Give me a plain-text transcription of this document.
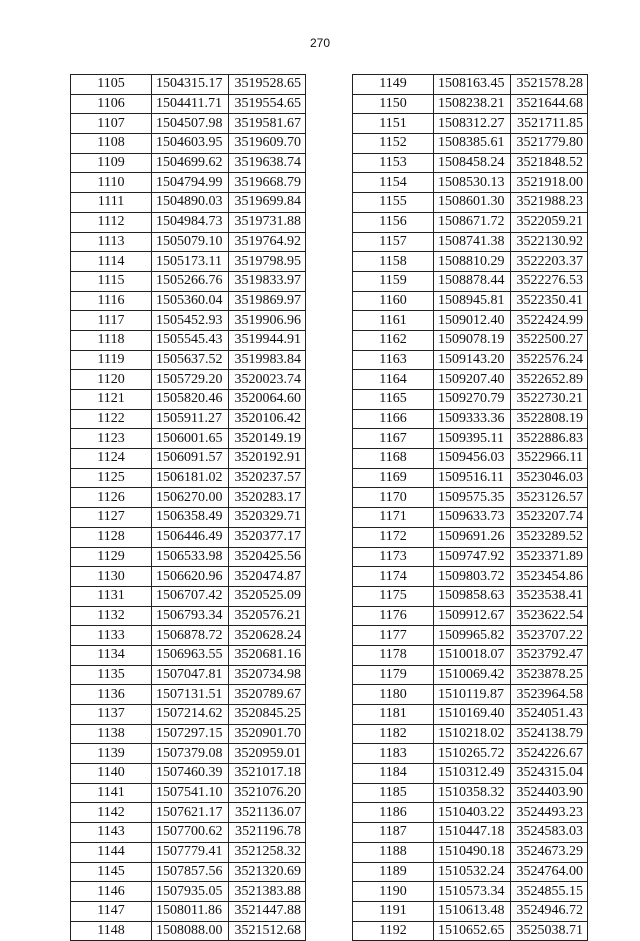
270
1105	1504315.17	3519528.65
1106	1504411.71	3519554.65
1107	1504507.98	3519581.67
1108	1504603.95	3519609.70
1109	1504699.62	3519638.74
1110	1504794.99	3519668.79
1111	1504890.03	3519699.84
1112	1504984.73	3519731.88
1113	1505079.10	3519764.92
1114	1505173.11	3519798.95
1115	1505266.76	3519833.97
1116	1505360.04	3519869.97
1117	1505452.93	3519906.96
1118	1505545.43	3519944.91
1119	1505637.52	3519983.84
1120	1505729.20	3520023.74
1121	1505820.46	3520064.60
1122	1505911.27	3520106.42
1123	1506001.65	3520149.19
1124	1506091.57	3520192.91
1125	1506181.02	3520237.57
1126	1506270.00	3520283.17
1127	1506358.49	3520329.71
1128	1506446.49	3520377.17
1129	1506533.98	3520425.56
1130	1506620.96	3520474.87
1131	1506707.42	3520525.09
1132	1506793.34	3520576.21
1133	1506878.72	3520628.24
1134	1506963.55	3520681.16
1135	1507047.81	3520734.98
1136	1507131.51	3520789.67
1137	1507214.62	3520845.25
1138	1507297.15	3520901.70
1139	1507379.08	3520959.01
1140	1507460.39	3521017.18
1141	1507541.10	3521076.20
1142	1507621.17	3521136.07
1143	1507700.62	3521196.78
1144	1507779.41	3521258.32
1145	1507857.56	3521320.69
1146	1507935.05	3521383.88
1147	1508011.86	3521447.88
1148	1508088.00	3521512.68
1149	1508163.45	3521578.28
1150	1508238.21	3521644.68
1151	1508312.27	3521711.85
1152	1508385.61	3521779.80
1153	1508458.24	3521848.52
1154	1508530.13	3521918.00
1155	1508601.30	3521988.23
1156	1508671.72	3522059.21
1157	1508741.38	3522130.92
1158	1508810.29	3522203.37
1159	1508878.44	3522276.53
1160	1508945.81	3522350.41
1161	1509012.40	3522424.99
1162	1509078.19	3522500.27
1163	1509143.20	3522576.24
1164	1509207.40	3522652.89
1165	1509270.79	3522730.21
1166	1509333.36	3522808.19
1167	1509395.11	3522886.83
1168	1509456.03	3522966.11
1169	1509516.11	3523046.03
1170	1509575.35	3523126.57
1171	1509633.73	3523207.74
1172	1509691.26	3523289.52
1173	1509747.92	3523371.89
1174	1509803.72	3523454.86
1175	1509858.63	3523538.41
1176	1509912.67	3523622.54
1177	1509965.82	3523707.22
1178	1510018.07	3523792.47
1179	1510069.42	3523878.25
1180	1510119.87	3523964.58
1181	1510169.40	3524051.43
1182	1510218.02	3524138.79
1183	1510265.72	3524226.67
1184	1510312.49	3524315.04
1185	1510358.32	3524403.90
1186	1510403.22	3524493.23
1187	1510447.18	3524583.03
1188	1510490.18	3524673.29
1189	1510532.24	3524764.00
1190	1510573.34	3524855.15
1191	1510613.48	3524946.72
1192	1510652.65	3525038.71
